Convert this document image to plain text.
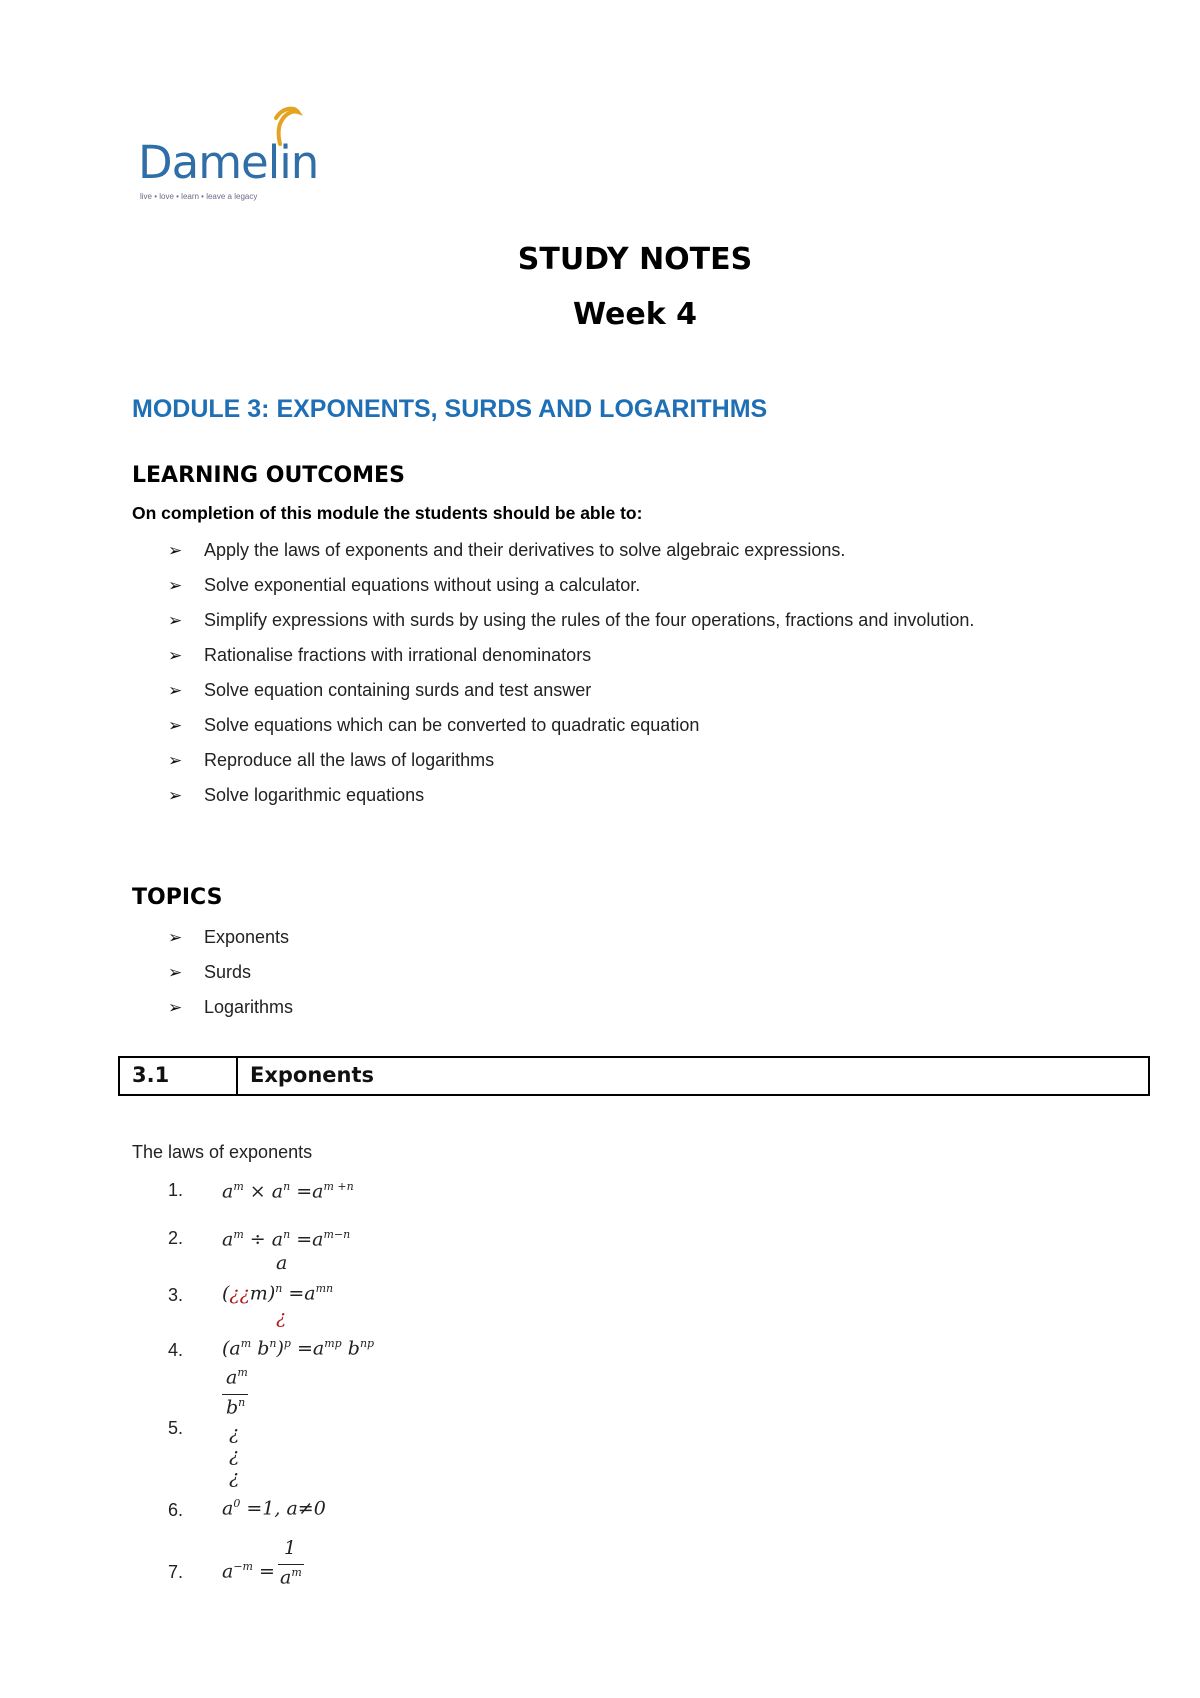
Damelin
live • love • learn • leave a legacy
STUDY NOTES
Week 4
MODULE 3: EXPONENTS, SURDS AND LOGARITHMS
LEARNING OUTCOMES
On completion of this module the students should be able to:
➢ Apply the laws of exponents and their derivatives to solve algebraic expressions.
➢ Solve exponential equations without using a calculator.
➢ Simplify expressions with surds by using the rules of the four operations, fractions and involution.
➢ Rationalise fractions with irrational denominators
➢ Solve equation containing surds and test answer
➢ Solve equations which can be converted to quadratic equation
➢ Reproduce all the laws of logarithms
➢ Solve logarithmic equations
TOPICS
➢ Exponents
➢ Surds
➢ Logarithms
3.1	Exponents
The laws of exponents
1. $a^m \times a^n =a^{m +n}$
2. $a^m \div a^n =a^{m-n}$
a
3. (¿¿m)$^n$ $=a^{mn}$
¿
4. ($a^m$ $b^n)^p =a^{mp}$ $b^{np}$
5.
$a^m$
$b^n$
¿
¿
¿
6. $a^0 =1$, a≠0
7. $a^{-m}$ =
1
$a^m$
